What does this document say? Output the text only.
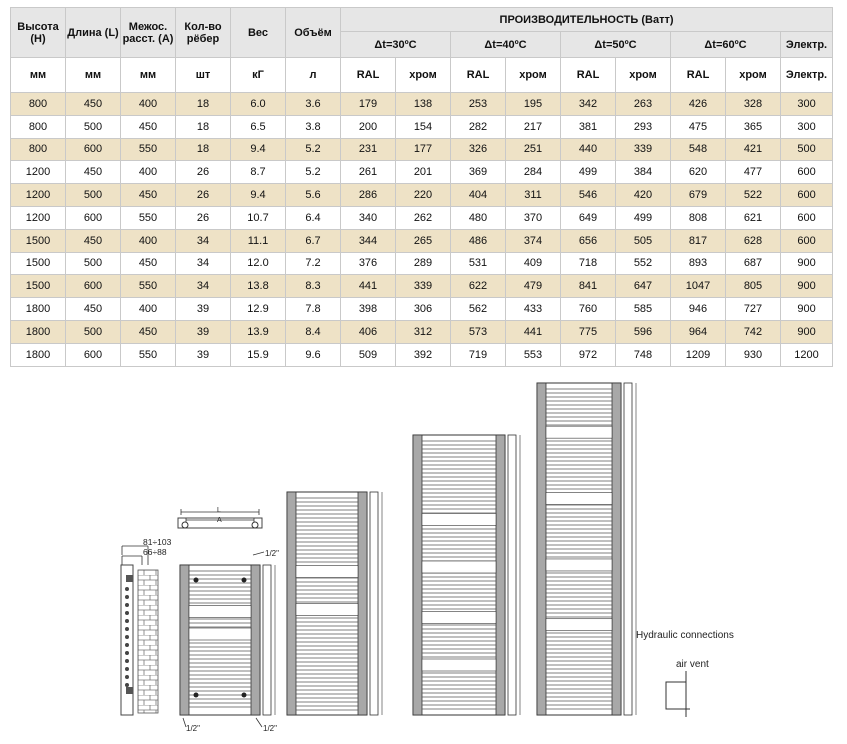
Высота (H)	Длина (L)	Межос. расст. (A)	Кол-во рёбер	Вес	Объём	ПРОИЗВОДИТЕЛЬНОСТЬ (Ватт)								
						Δt=30ºC		Δt=40ºC		Δt=50ºC		Δt=60ºC		Электр.
мм	мм	мм	шт	кГ	л	RAL	хром	RAL	хром	RAL	хром	RAL	хром	Электр.
800	450	400	18	6.0	3.6	179	138	253	195	342	263	426	328	300
800	500	450	18	6.5	3.8	200	154	282	217	381	293	475	365	300
800	600	550	18	9.4	5.2	231	177	326	251	440	339	548	421	500
1200	450	400	26	8.7	5.2	261	201	369	284	499	384	620	477	600
1200	500	450	26	9.4	5.6	286	220	404	311	546	420	679	522	600
1200	600	550	26	10.7	6.4	340	262	480	370	649	499	808	621	600
1500	450	400	34	11.1	6.7	344	265	486	374	656	505	817	628	600
1500	500	450	34	12.0	7.2	376	289	531	409	718	552	893	687	900
1500	600	550	34	13.8	8.3	441	339	622	479	841	647	1047	805	900
1800	450	400	39	12.9	7.8	398	306	562	433	760	585	946	727	900
1800	500	450	39	13.9	8.4	406	312	573	441	775	596	964	742	900
1800	600	550	39	15.9	9.6	509	392	719	553	972	748	1209	930	1200
81÷103
66÷88
L
A
1/2"
1/2"	1/2"
Hydraulic connections
air vent
